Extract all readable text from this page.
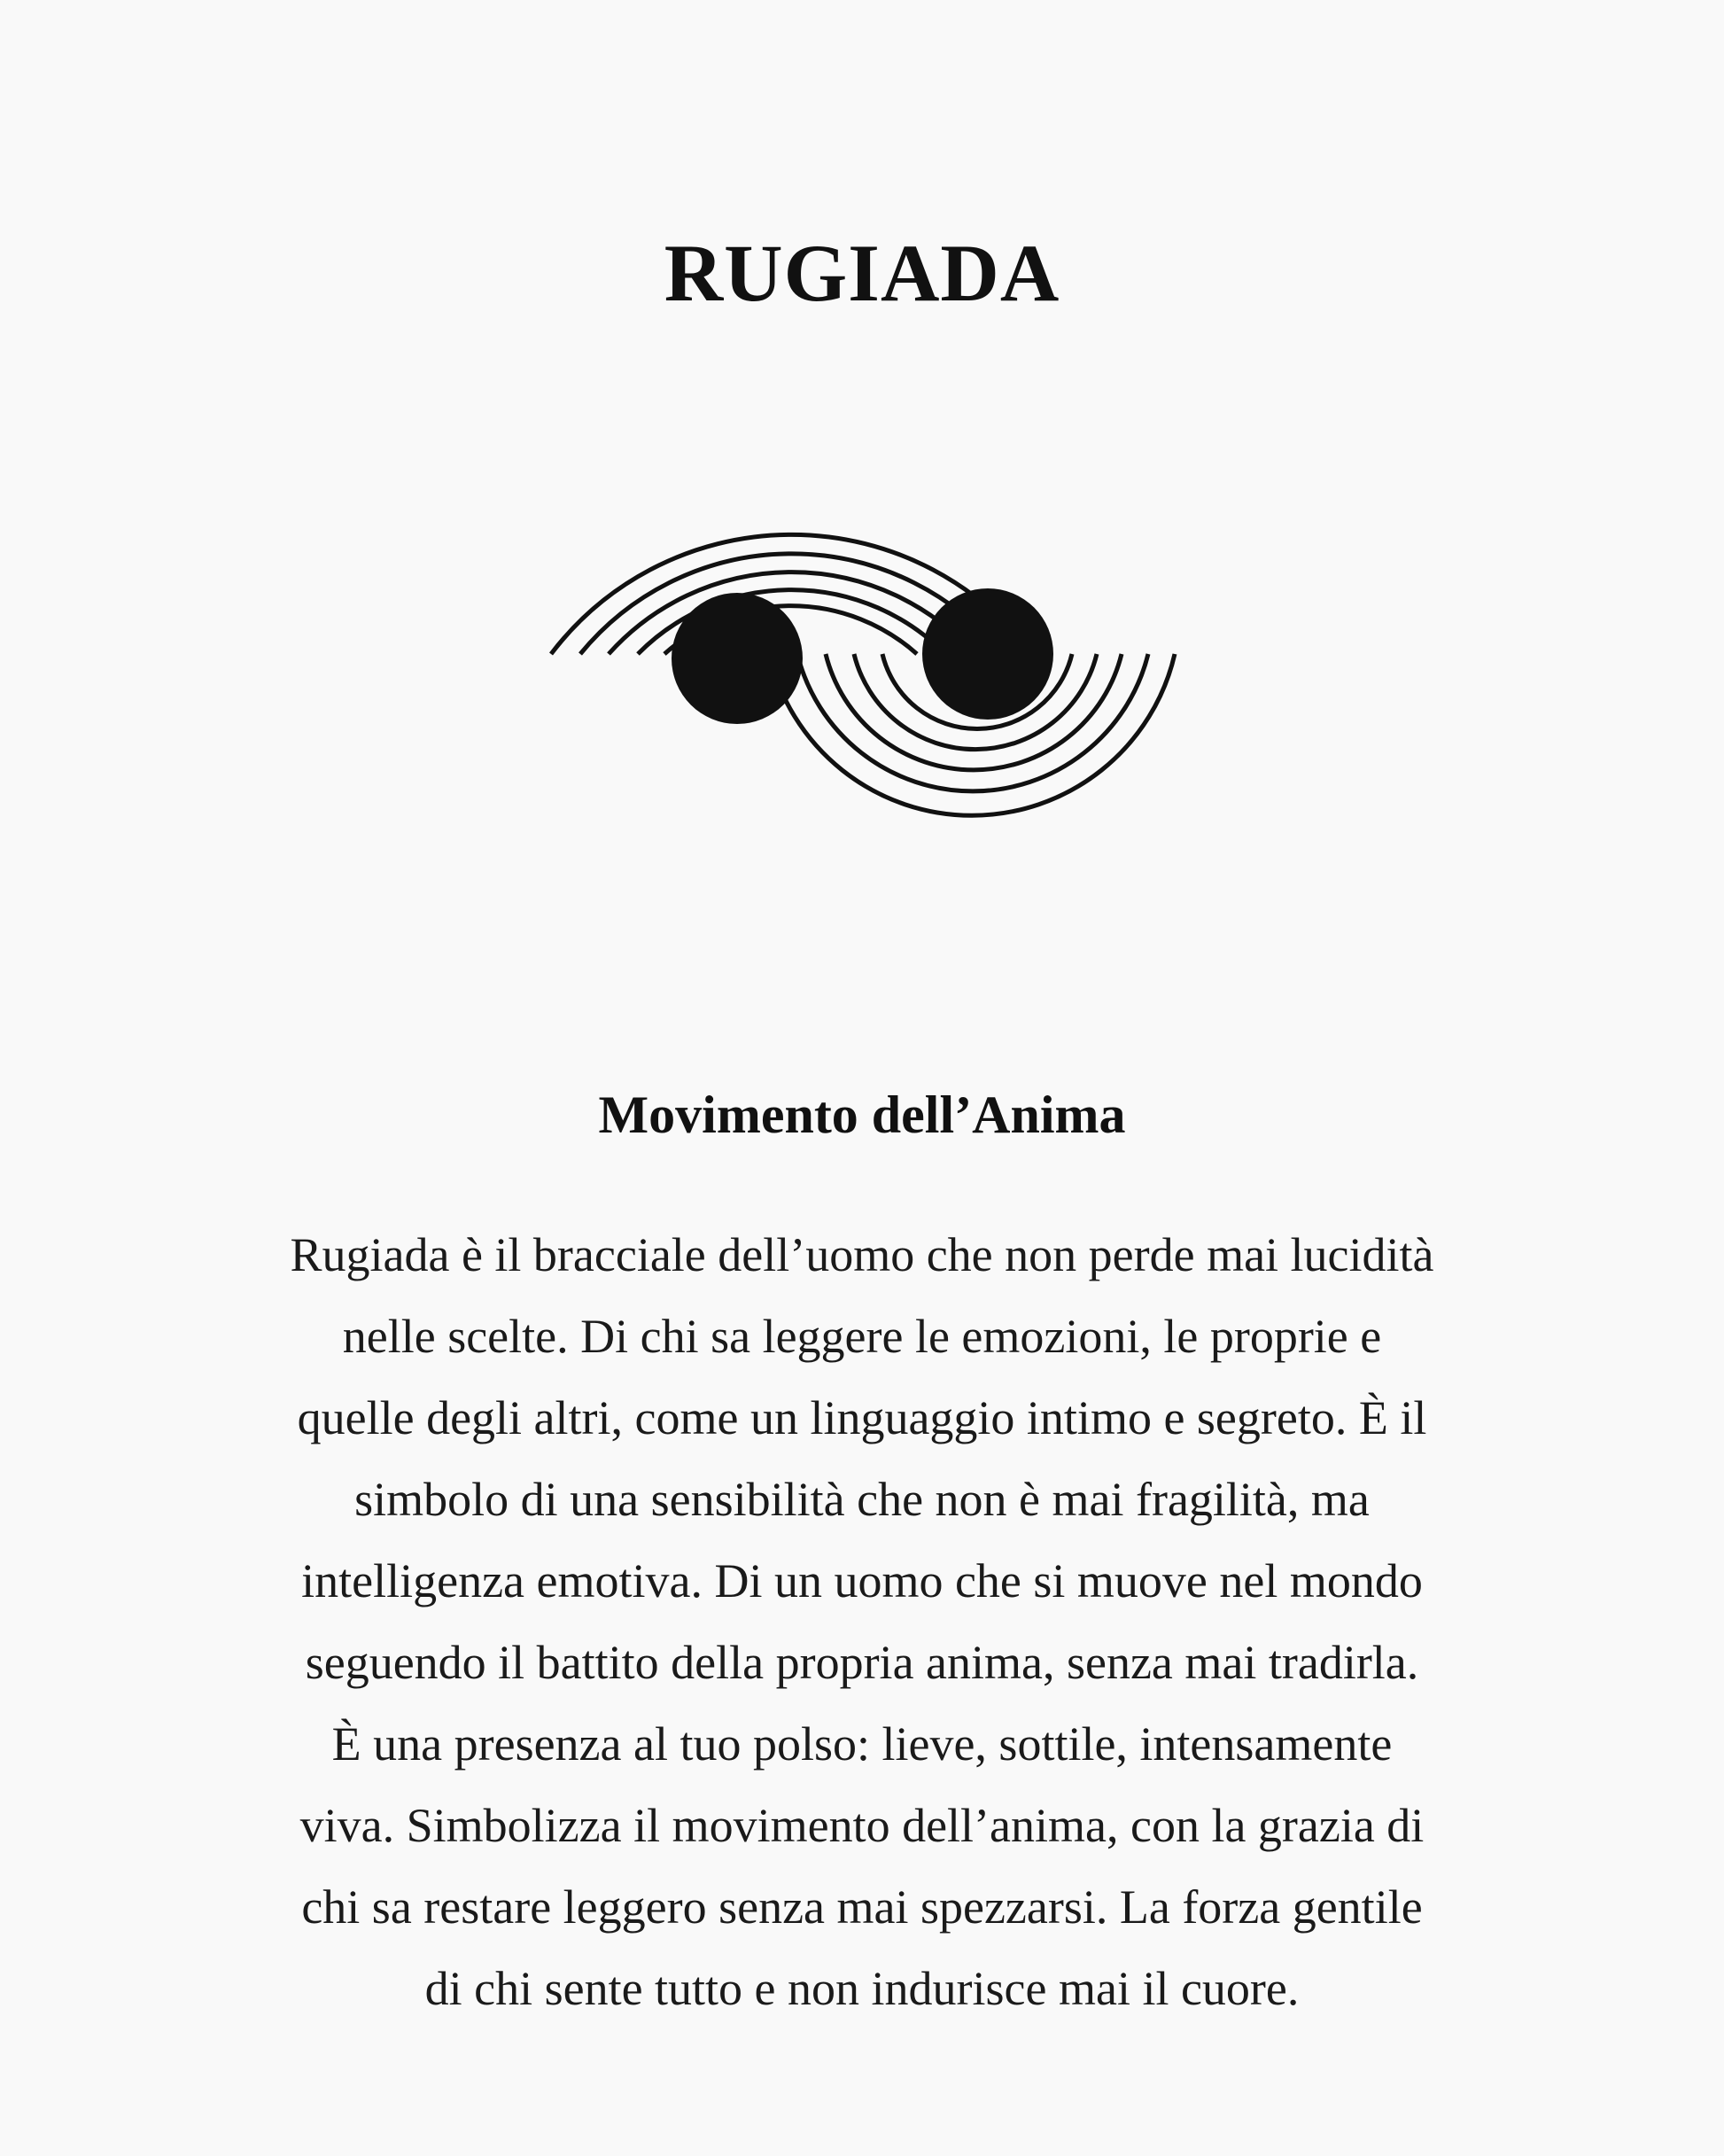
RUGIADA
Movimento dell’Anima

Rugiada è il bracciale dell’uomo che non perde mai lucidità
nelle scelte. Di chi sa leggere le emozioni, le proprie e
quelle degli altri, come un linguaggio intimo e segreto. È il
simbolo di una sensibilità che non è mai fragilità, ma
intelligenza emotiva. Di un uomo che si muove nel mondo
seguendo il battito della propria anima, senza mai tradirla.
È una presenza al tuo polso: lieve, sottile, intensamente
viva. Simbolizza il movimento dell’anima, con la grazia di
chi sa restare leggero senza mai spezzarsi. La forza gentile
di chi sente tutto e non indurisce mai il cuore.
